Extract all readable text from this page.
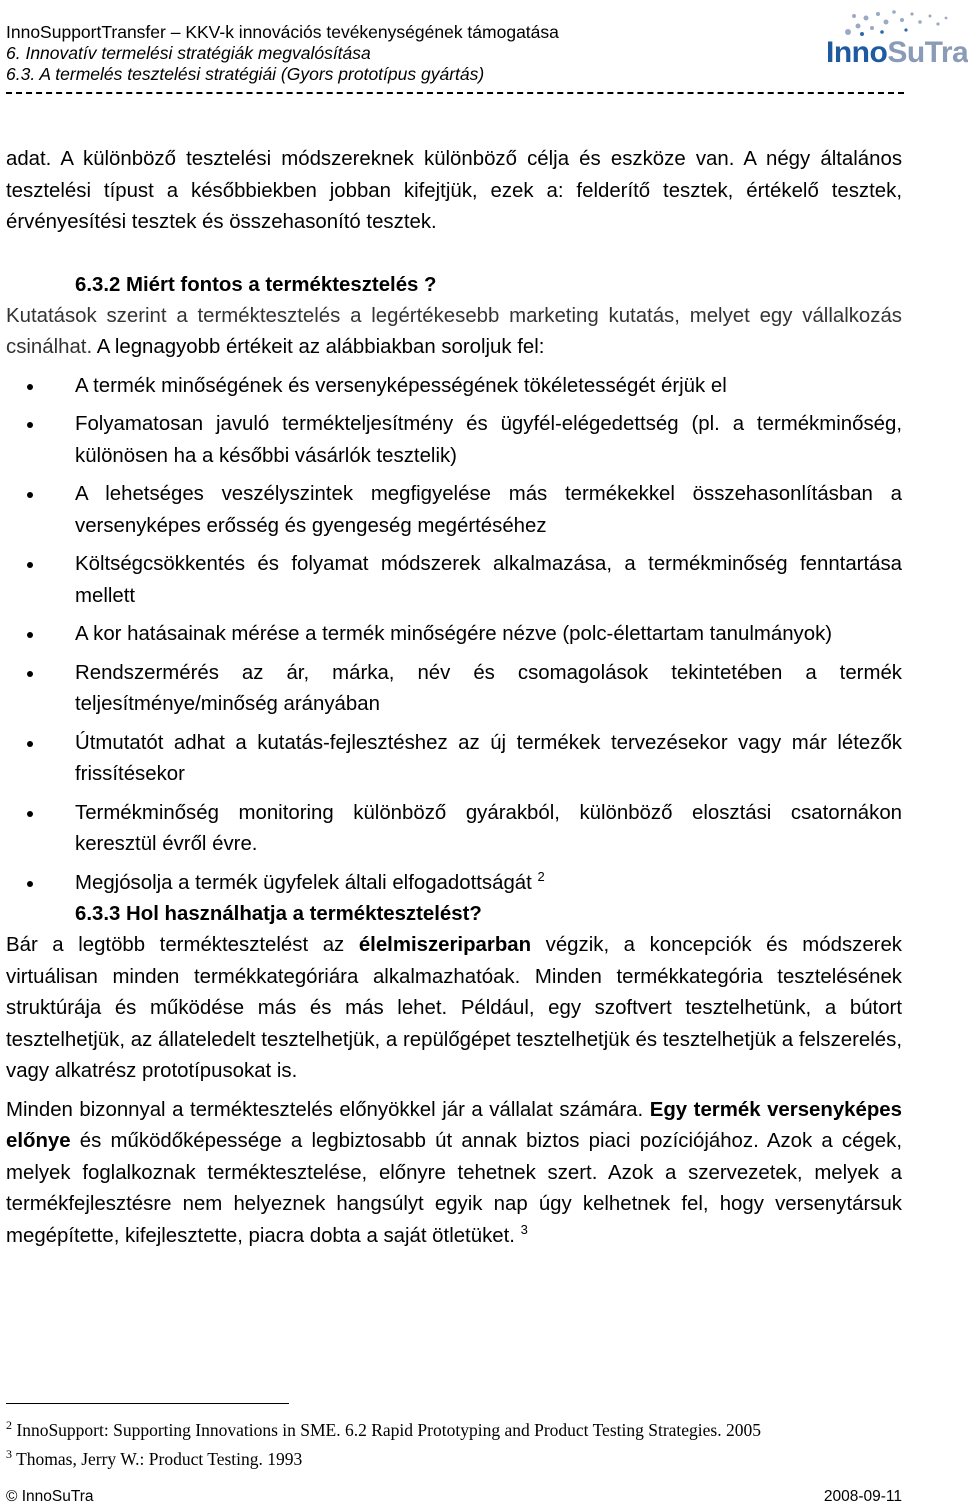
InnoSupportTransfer – KKV-k innovációs tevékenységének támogatása
6. Innovatív termelési stratégiák megvalósítása
6.3. A termelés tesztelési stratégiái (Gyors prototípus gyártás)
InnoSuTra

adat. A különböző tesztelési módszereknek különböző célja és eszköze van. A négy általános tesztelési típust a későbbiekben jobban kifejtjük, ezek a: felderítő tesztek, értékelő tesztek, érvényesítési tesztek és összehasonító tesztek.

6.3.2 Miért fontos a terméktesztelés ?

Kutatások szerint a terméktesztelés a legértékesebb marketing kutatás, melyet egy vállalkozás csinálhat. A legnagyobb értékeit az alábbiakban soroljuk fel:

A termék minőségének és versenyképességének tökéletességét érjük el
Folyamatosan javuló termékteljesítmény és ügyfél-elégedettség (pl. a termékminőség, különösen ha a későbbi vásárlók tesztelik)
A lehetséges veszélyszintek megfigyelése más termékekkel összehasonlításban a versenyképes erősség és gyengeség megértéséhez
Költségcsökkentés és folyamat módszerek alkalmazása, a termékminőség fenntartása mellett
A kor hatásainak mérése a termék minőségére nézve (polc-élettartam tanulmányok)
Rendszermérés az ár, márka, név és csomagolások tekintetében a termék teljesítménye/minőség arányában
Útmutatót adhat a kutatás-fejlesztéshez az új termékek tervezésekor vagy már létezők frissítésekor
Termékminőség monitoring különböző gyárakból, különböző elosztási csatornákon keresztül évről évre.
Megjósolja a termék ügyfelek általi elfogadottságát $^2$
6.3.3 Hol használhatja a terméktesztelést?

Bár a legtöbb terméktesztelést az élelmiszeriparban végzik, a koncepciók és módszerek virtuálisan minden termékkategóriára alkalmazhatóak. Minden termékkategória tesztelésének struktúrája és működése más és más lehet. Például, egy szoftvert tesztelhetünk, a bútort tesztelhetjük, az állateledelt tesztelhetjük, a repülőgépet tesztelhetjük és tesztelhetjük a felszerelés, vagy alkatrész prototípusokat is.

Minden bizonnyal a terméktesztelés előnyökkel jár a vállalat számára. Egy termék versenyképes előnye és működőképessége a legbiztosabb út annak biztos piaci pozíciójához. Azok a cégek, melyek foglalkoznak terméktesztelése, előnyre tehetnek szert. Azok a szervezetek, melyek a termékfejlesztésre nem helyeznek hangsúlyt egyik nap úgy kelhetnek fel, hogy versenytársuk megépítette, kifejlesztette, piacra dobta a saját ötletüket. $^3$

$^2$ InnoSupport: Supporting Innovations in SME. 6.2 Rapid Prototyping and Product Testing Strategies. 2005
$^3$ Thomas, Jerry W.: Product Testing. 1993
© InnoSuTra	2008-09-11
